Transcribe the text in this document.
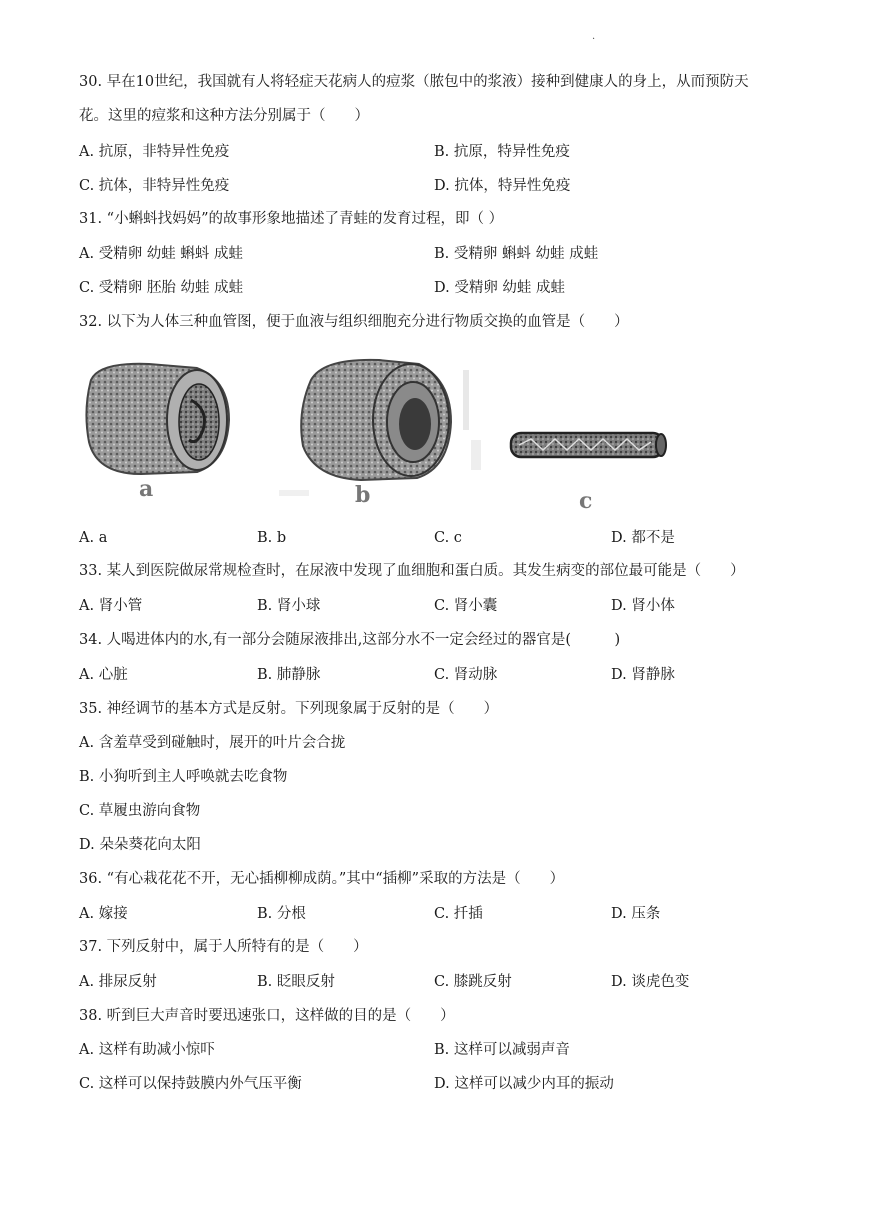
·
30. 早在10世纪，我国就有人将轻症天花病人的痘浆（脓包中的浆液）接种到健康人的身上，从而预防天
花。这里的痘浆和这种方法分别属于（　　）
A. 抗原，非特异性免疫	B. 抗原，特异性免疫
C. 抗体，非特异性免疫	D. 抗体，特异性免疫
31. “小蝌蚪找妈妈”的故事形象地描述了青蛙的发育过程，即（ ）
A. 受精卵 幼蛙 蝌蚪 成蛙	B. 受精卵 蝌蚪 幼蛙 成蛙
C. 受精卵 胚胎 幼蛙 成蛙	D. 受精卵 幼蛙 成蛙
32. 以下为人体三种血管图，便于血液与组织细胞充分进行物质交换的血管是（　　）
a	b	c
A. a	B. b	C. c	D. 都不是
33. 某人到医院做尿常规检查时，在尿液中发现了血细胞和蛋白质。其发生病变的部位最可能是（　　）
A. 肾小管	B. 肾小球	C. 肾小囊	D. 肾小体
34. 人喝进体内的水,有一部分会随尿液排出,这部分水不一定会经过的器官是(　　　)
A. 心脏	B. 肺静脉	C. 肾动脉	D. 肾静脉
35. 神经调节的基本方式是反射。下列现象属于反射的是（　　）
A. 含羞草受到碰触时，展开的叶片会合拢
B. 小狗听到主人呼唤就去吃食物
C. 草履虫游向食物
D. 朵朵葵花向太阳
36. “有心栽花花不开，无心插柳柳成荫。”其中“插柳”采取的方法是（　　）
A. 嫁接	B. 分根	C. 扦插	D. 压条
37. 下列反射中，属于人所特有的是（　　）
A. 排尿反射	B. 眨眼反射	C. 膝跳反射	D. 谈虎色变
38. 听到巨大声音时要迅速张口，这样做的目的是（　　）
A. 这样有助减小惊吓	B. 这样可以减弱声音
C. 这样可以保持鼓膜内外气压平衡	D. 这样可以减少内耳的振动
